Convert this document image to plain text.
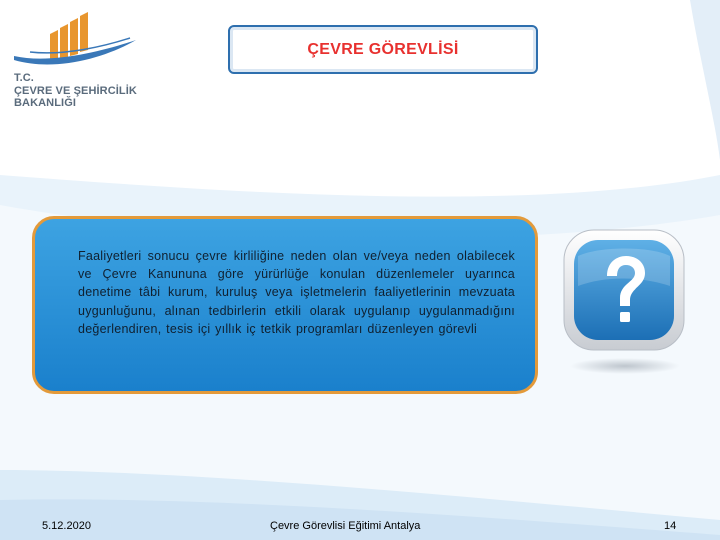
T.C.
ÇEVRE VE ŞEHİRCİLİK
BAKANLIĞI
ÇEVRE GÖREVLİSİ
Faaliyetleri sonucu çevre kirliliğine neden olan ve/veya neden olabilecek ve Çevre Kanununa göre yürürlüğe konulan düzenlemeler uyarınca denetime tâbi kurum, kuruluş veya işletmelerin faaliyetlerinin mevzuata uygunluğunu, alınan tedbirlerin etkili olarak uygulanıp uygulanmadığını değerlendiren, tesis içi yıllık iç tetkik programları düzenleyen görevli
5.12.2020	Çevre Görevlisi Eğitimi Antalya	14
